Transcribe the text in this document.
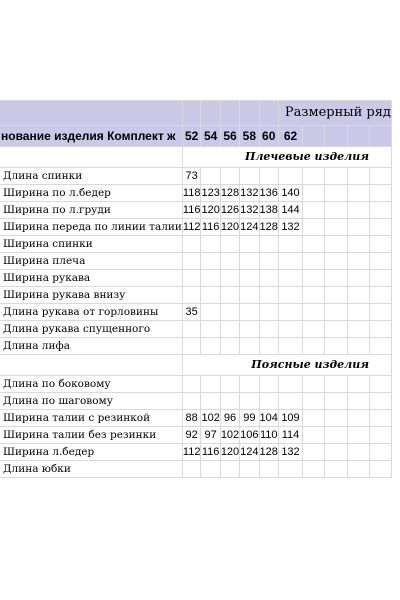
						Размерный ряд				
нование изделия Комплект ж	52	54	56	58	60	62				
	Плечевые изделия									
Длина спинки	73									
Ширина по л.бедер	118	123	128	132	136	140				
Ширина по л.груди	116	120	126	132	138	144				
Ширина переда по линии талии	112	116	120	124	128	132				
Ширина спинки										
Ширина плеча										
Ширина рукава										
Ширина рукава внизу										
Длина рукава от горловины	35									
Длина рукава спущенного										
Длина лифа										
	Поясные изделия									
Длина по боковому										
Длина по шаговому										
Ширина талии с резинкой	88	102	96	99	104	109				
Ширина талии без резинки	92	97	102	106	110	114				
Ширина л.бедер	112	116	120	124	128	132				
Длина юбки										
